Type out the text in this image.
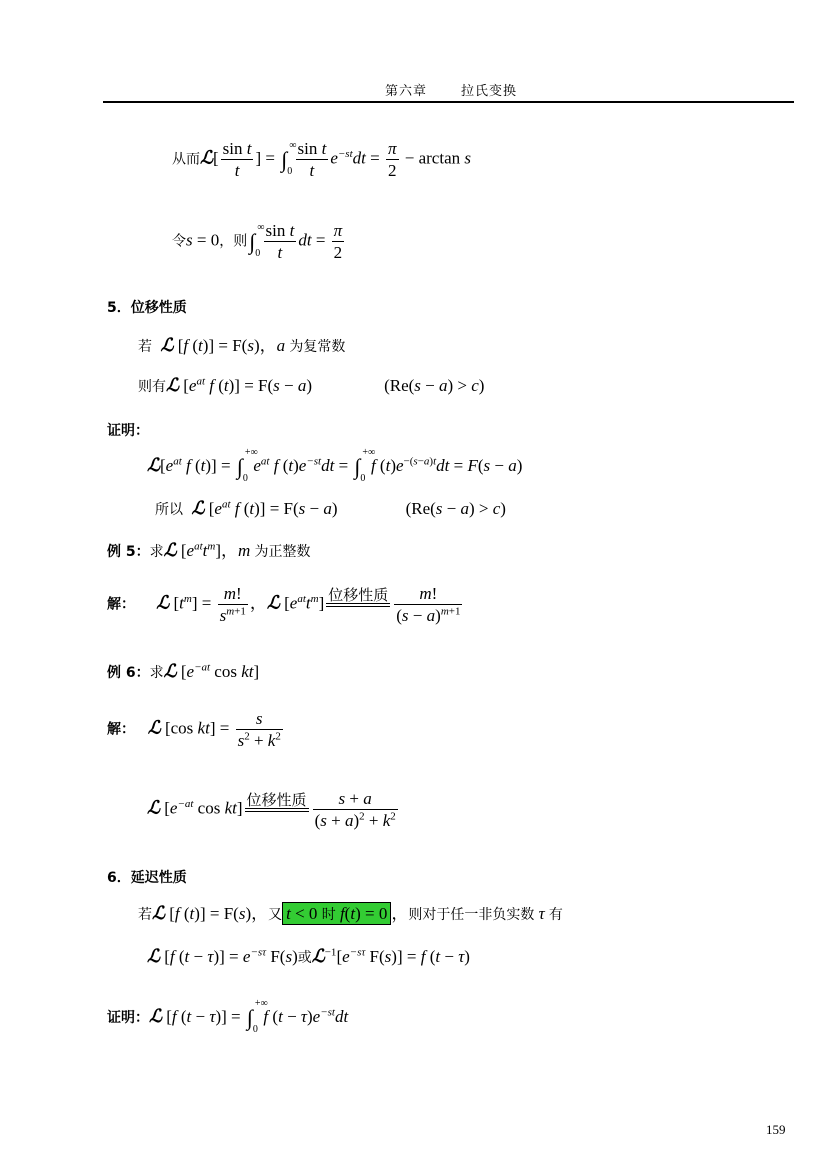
第六章	拉氏变换
从而ℒ[ $\frac{\text{sin t}}{t}$ ] = ∫
∞
0
$\frac{\text{sin t}}{t} e^{-st}dt = \frac{\pi}{2} - \arctan s$
令s = 0，则∫
∞
0
$\frac{\text{sin t}}{t}$ dt = $\frac{\pi}{2}$
5．位移性质
若 ℒ [f (t)] = F(s)，a 为复常数
则有ℒ [$e^{at}$ f (t)] = F(s − a)	(Re(s − a) > c)
证明：
$ℒ[e^{at}$ f (t)] = ∫
+∞
0
$e^{at}$ f $(t)e^{-st}dt$ = ∫
+∞
0
f $(t)e^{-(s-a)t}dt = F(s - a)$
所以 ℒ [$e^{at}$ f (t)] = F(s − a)	(Re(s − a) > c)
例 5：求ℒ $[e^{at}t^m]$，m 为正整数
解： ℒ $[t^m] = \frac{m!}{s^{m+1}}$ ，ℒ $[e^{at}t^m]$ 位移性质 $\frac{m!}{(s - a)^{m+1}}$
例 6：求ℒ [$e^{-at}$ cos kt]
解： ℒ [cos $kt] = \frac{s}{s^2 + k^2}$
ℒ [$e^{-at}$ cos kt] 位移性质 $\frac{s + a}{(s + a)^2 + k^2}$
6．延迟性质
若ℒ [f (t)] = F(s)，又 t < 0 时 f(t) = 0 ，则对于任一非负实数 τ 有
ℒ [f $(t - \tau)] = e^{-s\tau}$ F(s)或$ℒ^{-1}[e^{-s\tau}$ F(s)] = f (t − τ)
证明：ℒ [f (t − τ)] = ∫
+∞
0
f $(t - \tau)e^{-st}dt$
159
